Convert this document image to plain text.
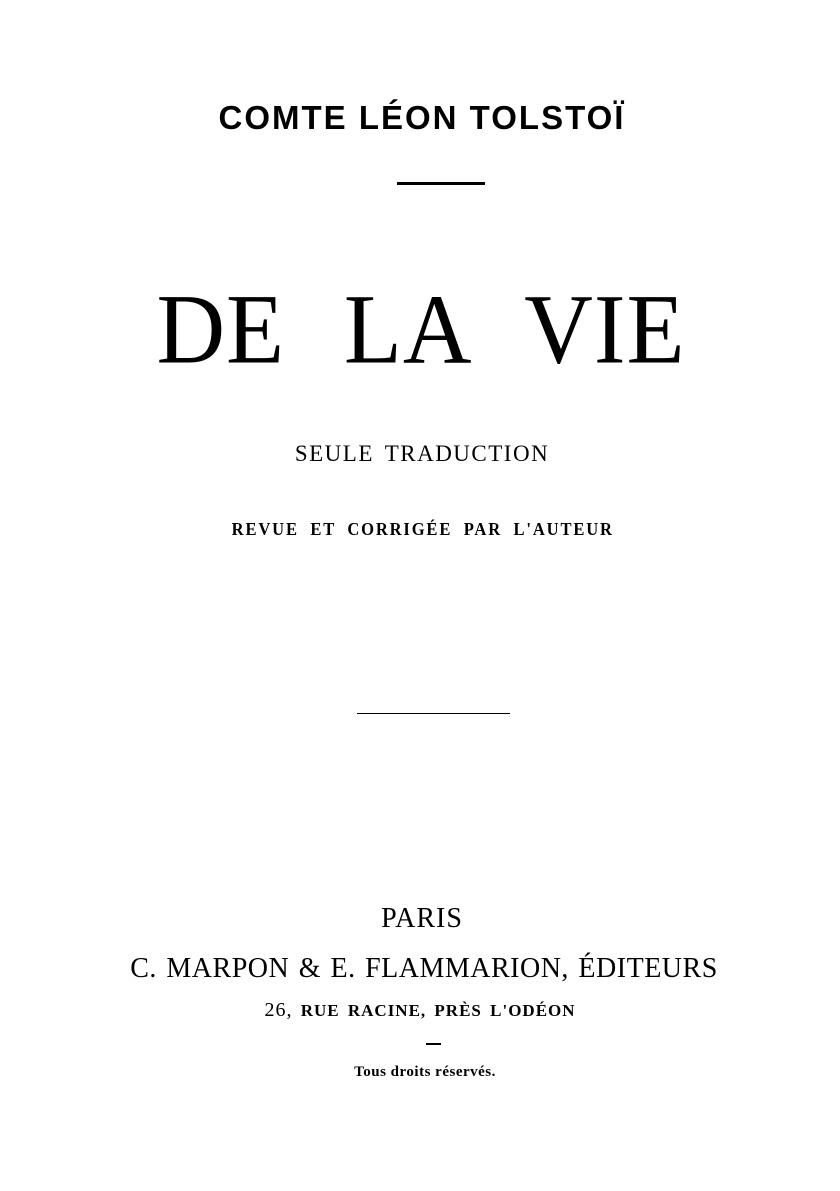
COMTE LÉON TOLSTOÏ
DE LA VIE
SEULE TRADUCTION
REVUE ET CORRIGÉE PAR L'AUTEUR
PARIS
C. MARPON & E. FLAMMARION, ÉDITEURS
26, RUE RACINE, PRÈS L'ODÉON
Tous droits réservés.
